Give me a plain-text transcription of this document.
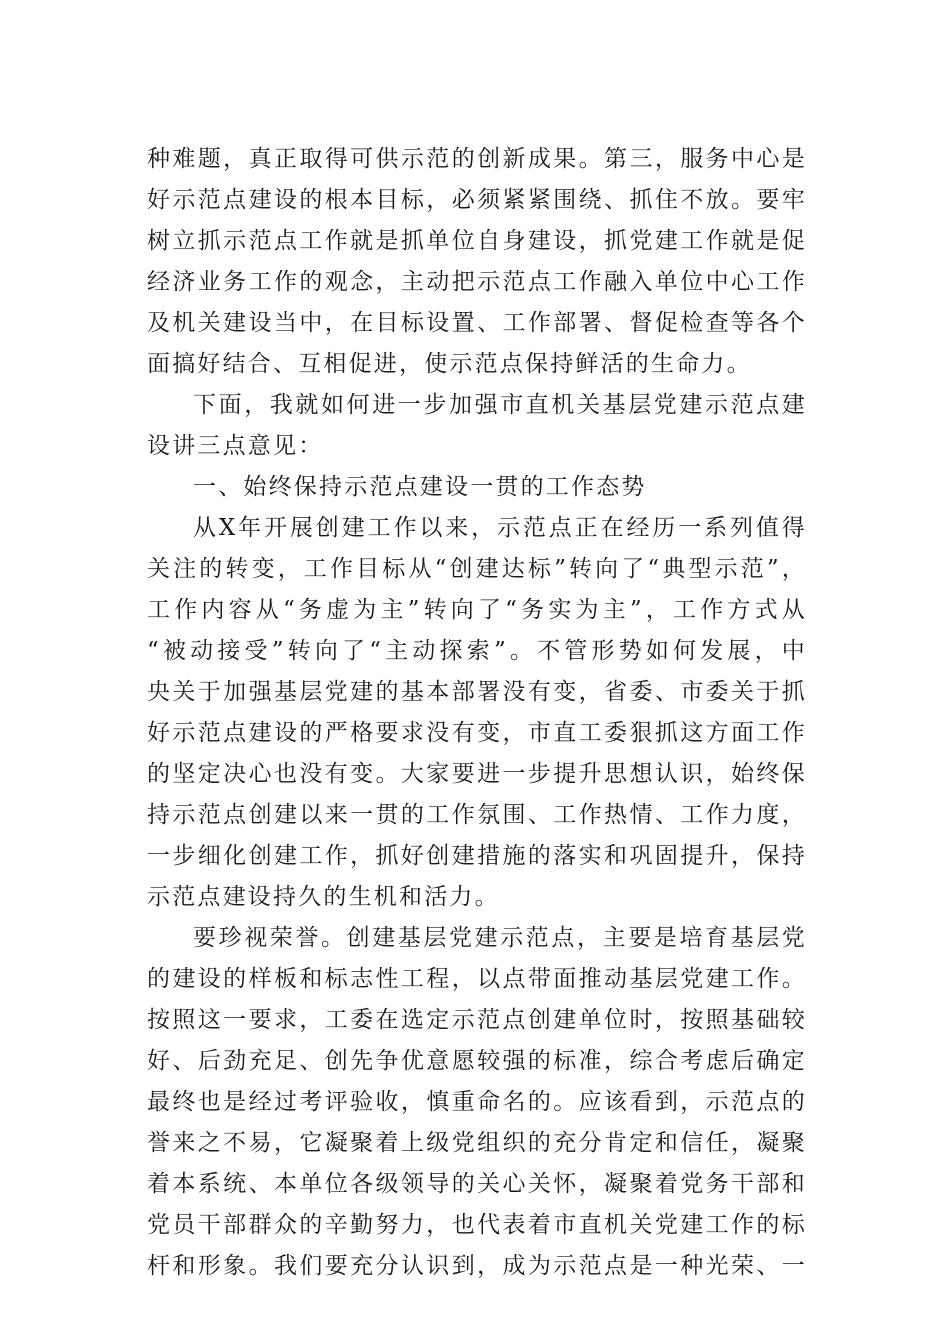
种难题，真正取得可供示范的创新成果。第三，服务中心是
好示范点建设的根本目标，必须紧紧围绕、抓住不放。要牢
树立抓示范点工作就是抓单位自身建设，抓党建工作就是促
经济业务工作的观念，主动把示范点工作融入单位中心工作
及机关建设当中，在目标设置、工作部署、督促检查等各个
面搞好结合、互相促进，使示范点保持鲜活的生命力。
下面，我就如何进一步加强市直机关基层党建示范点建
设讲三点意见：
一、始终保持示范点建设一贯的工作态势
从X年开展创建工作以来，示范点正在经历一系列值得
关注的转变，工作目标从“创建达标”转向了“典型示范”，
工作内容从“务虚为主”转向了“务实为主”，工作方式从
“被动接受”转向了“主动探索”。不管形势如何发展，中
央关于加强基层党建的基本部署没有变，省委、市委关于抓
好示范点建设的严格要求没有变，市直工委狠抓这方面工作
的坚定决心也没有变。大家要进一步提升思想认识，始终保
持示范点创建以来一贯的工作氛围、工作热情、工作力度，
一步细化创建工作，抓好创建措施的落实和巩固提升，保持
示范点建设持久的生机和活力。
要珍视荣誉。创建基层党建示范点，主要是培育基层党
的建设的样板和标志性工程，以点带面推动基层党建工作。
按照这一要求，工委在选定示范点创建单位时，按照基础较
好、后劲充足、创先争优意愿较强的标准，综合考虑后确定
最终也是经过考评验收，慎重命名的。应该看到，示范点的
誉来之不易，它凝聚着上级党组织的充分肯定和信任，凝聚
着本系统、本单位各级领导的关心关怀，凝聚着党务干部和
党员干部群众的辛勤努力，也代表着市直机关党建工作的标
杆和形象。我们要充分认识到，成为示范点是一种光荣、一
